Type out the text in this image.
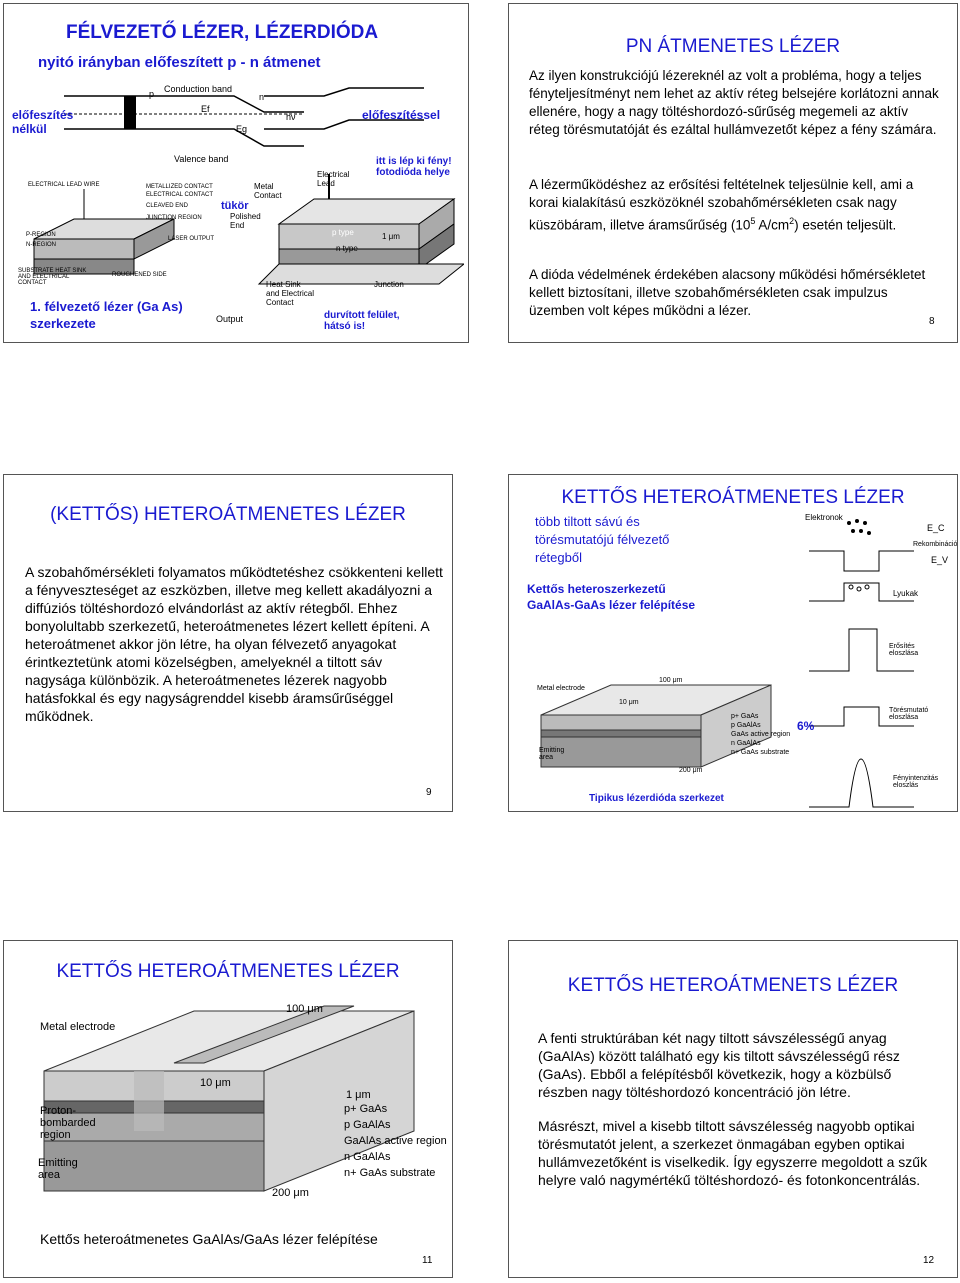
FÉLVEZETŐ LÉZER, LÉZERDIÓDA
nyitó irányban előfeszített p - n átmenet
Conduction band
Valence band
p	n
Ef
Eg
hν
előfeszítés nélkül
előfeszítéssel
itt is lép ki fény! fotodióda helye
ELECTRICAL LEAD WIRE	METALLIZED CONTACT
ELECTRICAL CONTACT
CLEAVED END
JUNCTION REGION
P-REGION
N-REGION
LASER OUTPUT
SUBSTRATE HEAT SINK AND ELECTRICAL CONTACT
ROUGHENED SIDE
tükör
Polished End
Metal Contact
Electrical Lead
p type
n type
1 μm
Heat Sink and Electrical Contact
Junction
Output	durvított felület, hátsó is!
1. félvezető lézer (Ga As) szerkezete
PN ÁTMENETES LÉZER

Az ilyen konstrukciójú lézereknél az volt a probléma, hogy a teljes fényteljesítményt nem lehet az aktív réteg belsejére korlátozni annak ellenére, hogy a nagy töltéshordozó-sűrűség megemeli az aktív réteg törésmutatóját és ezáltal hullámvezetőt képez a fény számára.

A lézerműködéshez az erősítési feltételnek teljesülnie kell, ami a korai kialakítású eszközöknél szobahőmérsékleten csak nagy küszöbáram, illetve áramsűrűség ($10^5$ $A/cm^2$) esetén teljesült.

A dióda védelmének érdekében alacsony működési hőmérsékletet kellett biztosítani, illetve szobahőmérsékleten csak impulzus üzemben volt képes működni a lézer.

8
(KETTŐS) HETEROÁTMENETES LÉZER

A szobahőmérsékleti folyamatos működtetéshez csökkenteni kellett a fényveszteséget az eszközben, illetve meg kellett akadályozni a diffúziós töltéshordozó elvándorlást az aktív rétegből. Ehhez bonyolultabb szerkezetű, heteroátmenetes lézert kellett építeni. A heteroátmenet akkor jön létre, ha olyan félvezető anyagokat érintkeztetünk atomi közelségben, amelyeknél a tiltott sáv nagysága különbözik. A heteroátmenetes lézerek nagyobb hatásfokkal és egy nagyságrenddel kisebb áramsűrűséggel működnek.

9
KETTŐS HETEROÁTMENETES LÉZER
több tiltott sávú és törésmutatójú félvezető rétegből
Kettős heteroszerkezetű GaAlAs-GaAs lézer felépítése
Elektronok
E_C
E_V
Rekombináció
Lyukak
Erősítés eloszlása
Törésmutató eloszlása
Fényintenzitás eloszlás
6%
Metal electrode
Emitting area
10 μm
100 μm
200 μm
p+ GaAs
p GaAlAs
GaAs active region
n GaAlAs
n+ GaAs substrate
Tipikus lézerdióda szerkezet
KETTŐS HETEROÁTMENETES LÉZER
Metal electrode
Proton-bombarded region
Emitting area
10 μm
100 μm
200 μm
1 μm
p+ GaAs
p GaAlAs
GaAlAs active region
n GaAlAs
n+ GaAs substrate
Kettős heteroátmenetes GaAlAs/GaAs lézer felépítése
11
KETTŐS HETEROÁTMENETS LÉZER

A fenti struktúrában két nagy tiltott sávszélességű anyag (GaAlAs) között található egy kis tiltott sávszélességű rész (GaAs). Ebből a felépítésből következik, hogy a közbülső részben nagy töltéshordozó koncentráció jön létre.

Másrészt, mivel a kisebb tiltott sávszélesség nagyobb optikai törésmutatót jelent, a szerkezet önmagában egyben optikai hullámvezetőként is viselkedik. Így egyszerre megoldott a szűk helyre való nagymértékű töltéshordozó- és fotonkoncentrálás.

12
